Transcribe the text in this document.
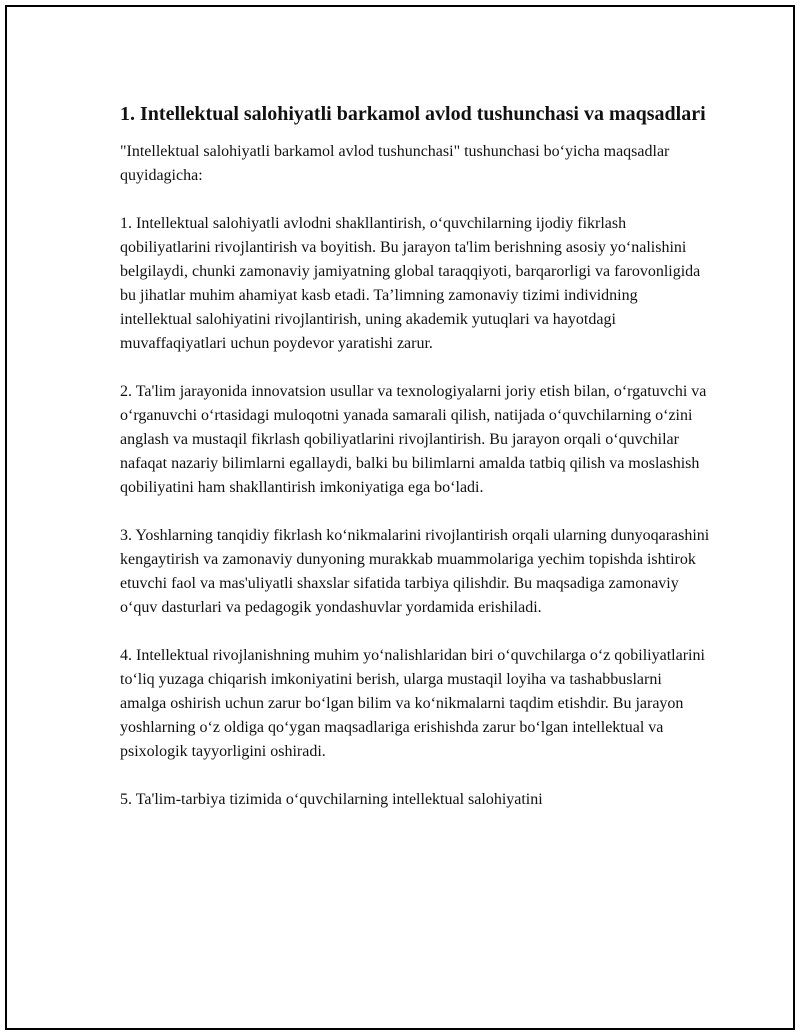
1. Intellektual salohiyatli barkamol avlod tushunchasi va maqsadlari

"Intellektual salohiyatli barkamol avlod tushunchasi" tushunchasi bo‘yicha maqsadlar quyidagicha:

1. Intellektual salohiyatli avlodni shakllantirish, o‘quvchilarning ijodiy fikrlash qobiliyatlarini rivojlantirish va boyitish. Bu jarayon ta'lim berishning asosiy yo‘nalishini belgilaydi, chunki zamonaviy jamiyatning global taraqqiyoti, barqarorligi va farovonligida bu jihatlar muhim ahamiyat kasb etadi. Ta’limning zamonaviy tizimi individning intellektual salohiyatini rivojlantirish, uning akademik yutuqlari va hayotdagi muvaffaqiyatlari uchun poydevor yaratishi zarur.

2. Ta'lim jarayonida innovatsion usullar va texnologiyalarni joriy etish bilan, o‘rgatuvchi va o‘rganuvchi o‘rtasidagi muloqotni yanada samarali qilish, natijada o‘quvchilarning o‘zini anglash va mustaqil fikrlash qobiliyatlarini rivojlantirish. Bu jarayon orqali o‘quvchilar nafaqat nazariy bilimlarni egallaydi, balki bu bilimlarni amalda tatbiq qilish va moslashish qobiliyatini ham shakllantirish imkoniyatiga ega bo‘ladi.

3. Yoshlarning tanqidiy fikrlash ko‘nikmalarini rivojlantirish orqali ularning dunyoqarashini kengaytirish va zamonaviy dunyoning murakkab muammolariga yechim topishda ishtirok etuvchi faol va mas'uliyatli shaxslar sifatida tarbiya qilishdir. Bu maqsadiga zamonaviy o‘quv dasturlari va pedagogik yondashuvlar yordamida erishiladi.

4. Intellektual rivojlanishning muhim yo‘nalishlaridan biri o‘quvchilarga o‘z qobiliyatlarini to‘liq yuzaga chiqarish imkoniyatini berish, ularga mustaqil loyiha va tashabbuslarni amalga oshirish uchun zarur bo‘lgan bilim va ko‘nikmalarni taqdim etishdir. Bu jarayon yoshlarning o‘z oldiga qo‘ygan maqsadlariga erishishda zarur bo‘lgan intellektual va psixologik tayyorligini oshiradi.

5. Ta'lim-tarbiya tizimida o‘quvchilarning intellektual salohiyatini
